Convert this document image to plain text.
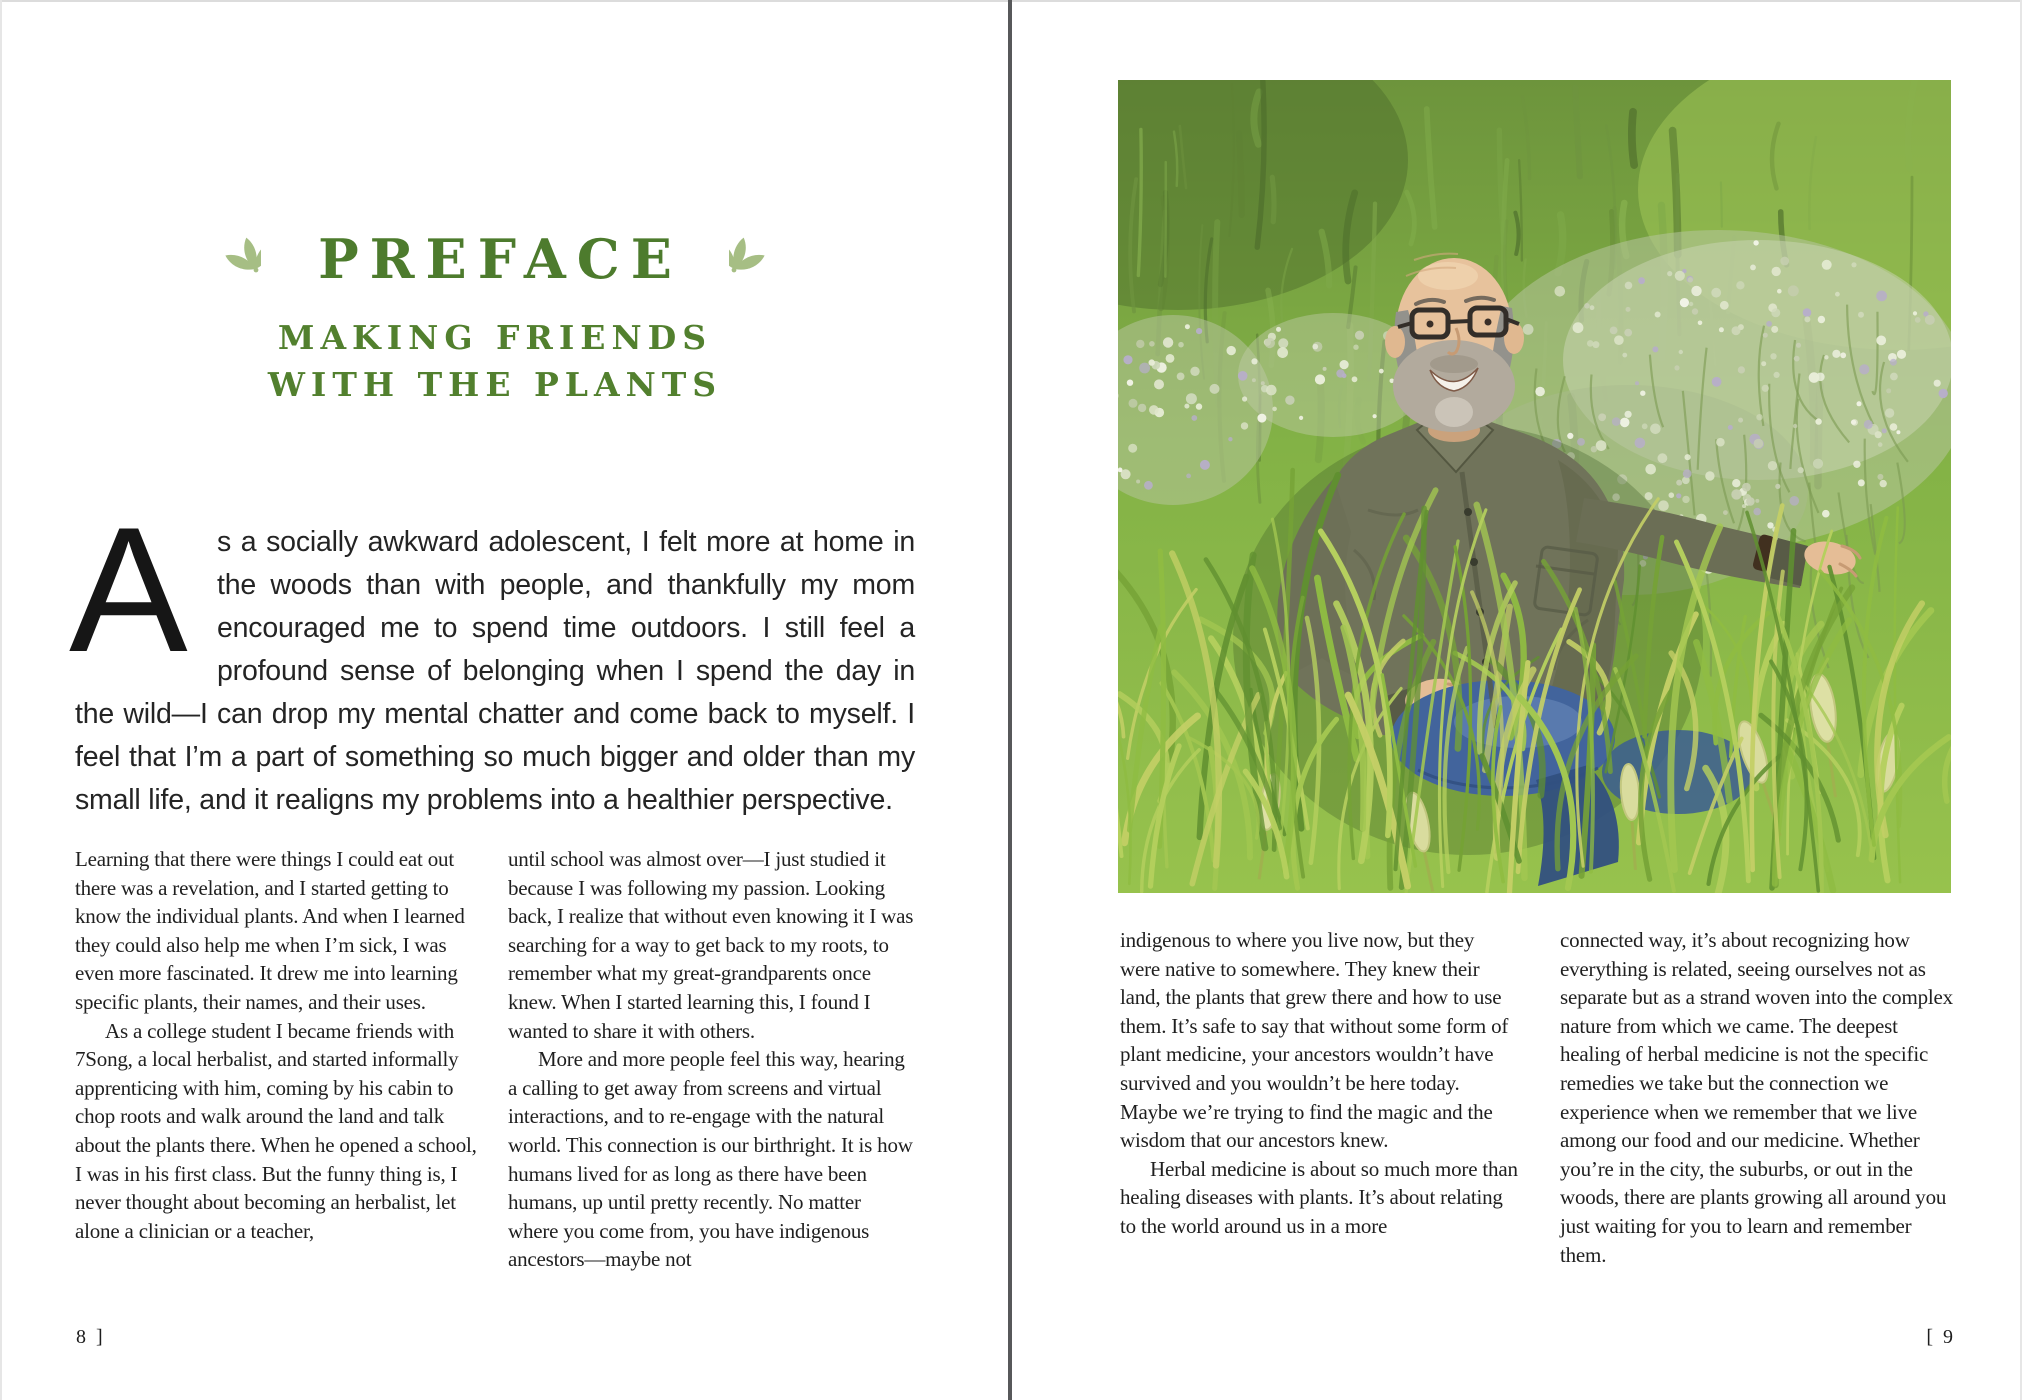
PREFACE
MAKING FRIENDS
WITH THE PLANTS
A s a socially awkward adolescent, I felt more at home in the woods than with people, and thankfully my mom encouraged me to spend time outdoors. I still feel a profound sense of belonging when I spend the day in the wild—I can drop my mental chatter and come back to myself. I feel that I’m a part of something so much bigger and older than my small life, and it realigns my problems into a healthier perspective.

Learning that there were things I could eat out there was a revelation, and I started getting to know the individual plants. And when I learned they could also help me when I’m sick, I was even more fascinated. It drew me into learning specific plants, their names, and their uses.

As a college student I became friends with 7Song, a local herbalist, and started informally apprenticing with him, coming by his cabin to chop roots and walk around the land and talk about the plants there. When he opened a school, I was in his first class. But the funny thing is, I never thought about becoming an herbalist, let alone a clinician or a teacher,

until school was almost over—I just studied it because I was following my passion. Looking back, I realize that without even knowing it I was searching for a way to get back to my roots, to remember what my great-grandparents once knew. When I started learning this, I found I wanted to share it with others.

More and more people feel this way, hearing a calling to get away from screens and virtual interactions, and to re-engage with the natural world. This connection is our birthright. It is how humans lived for as long as there have been humans, up until pretty recently. No matter where you come from, you have indigenous ancestors—maybe not

8  ]

indigenous to where you live now, but they were native to somewhere. They knew their land, the plants that grew there and how to use them. It’s safe to say that without some form of plant medicine, your ancestors wouldn’t have survived and you wouldn’t be here today. Maybe we’re trying to find the magic and the wisdom that our ancestors knew.

Herbal medicine is about so much more than healing diseases with plants. It’s about relating to the world around us in a more

connected way, it’s about recognizing how everything is related, seeing ourselves not as separate but as a strand woven into the complex nature from which we came. The deepest healing of herbal medicine is not the specific remedies we take but the connection we experience when we remember that we live among our food and our medicine. Whether you’re in the city, the suburbs, or out in the woods, there are plants growing all around you just waiting for you to learn and remember them.

[  9
